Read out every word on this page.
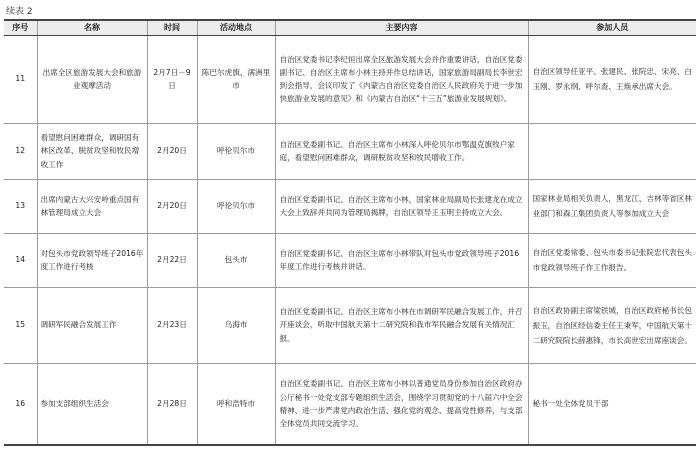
续表 2
序号	名称	时间	活动地点	主要内容	参加人员
11	出席全区旅游发展大会和旅游业观摩活动	2月7日－9日	陈巴尔虎旗、满洲里市	自治区党委书记李纪恒出席全区旅游发展大会并作重要讲话，自治区党委副书记、自治区主席布小林主持并作总结讲话，国家旅游局副局长李世宏到会指导，会议印发了《内蒙古自治区党委自治区人民政府关于进一步加快旅游业发展的意见》和《内蒙古自治区“十三五”旅游业发展规划》。	自治区领导任亚平、张建民、张院忠、宋亮、白玉刚、罗永纲、呼尔查、王焕承出席大会。
12	看望慰问困难群众，调研国有林区改革、脱贫攻坚和牧民增收工作	2月20日	呼伦贝尔市	自治区党委副书记、自治区主席布小林深入呼伦贝尔市鄂温克旗牧户家庭，看望慰问困难群众，调研脱贫攻坚和牧民增收工作。	
13	出席内蒙古大兴安岭重点国有林管理局成立大会	2月20日	呼伦贝尔市	自治区党委副书记、自治区主席布小林，国家林业局副局长张建龙在成立大会上致辞并共同为管理局揭牌，自治区领导王玉明主持成立大会。	国家林业局相关负责人，黑龙江、吉林等省区林业部门和森工集团负责人等参加成立大会
14	对包头市党政领导班子2016年度工作进行考核	2月22日	包头市	自治区党委副书记、自治区主席布小林带队对包头市党政领导班子2016年度工作进行考核并讲话。	自治区党委常委、包头市委书记张院忠代表包头市党政领导班子作工作报告。
15	调研军民融合发展工作	2月23日	乌海市	自治区党委副书记、自治区主席布小林在市调研军民融合发展工作，并召开座谈会，听取中国航天第十二研究院和我市军民融合发展有关情况汇报。	自治区政协副主席梁铁城，自治区政府秘书长包振玉，自治区经信委主任王秉军，中国航天第十二研究院院长薛惠锋，市长高世宏出席座谈会。
16	参加支部组织生活会	2月28日	呼和浩特市	自治区党委副书记、自治区主席布小林以普通党员身份参加自治区政府办公厅秘书一处党支部专题组织生活会，围绕学习贯彻党的十八届六中全会精神、进一步严肃党内政治生活、强化党的观念、提高党性修养，与支部全体党员共同交流学习。	秘书一处全体党员干部
